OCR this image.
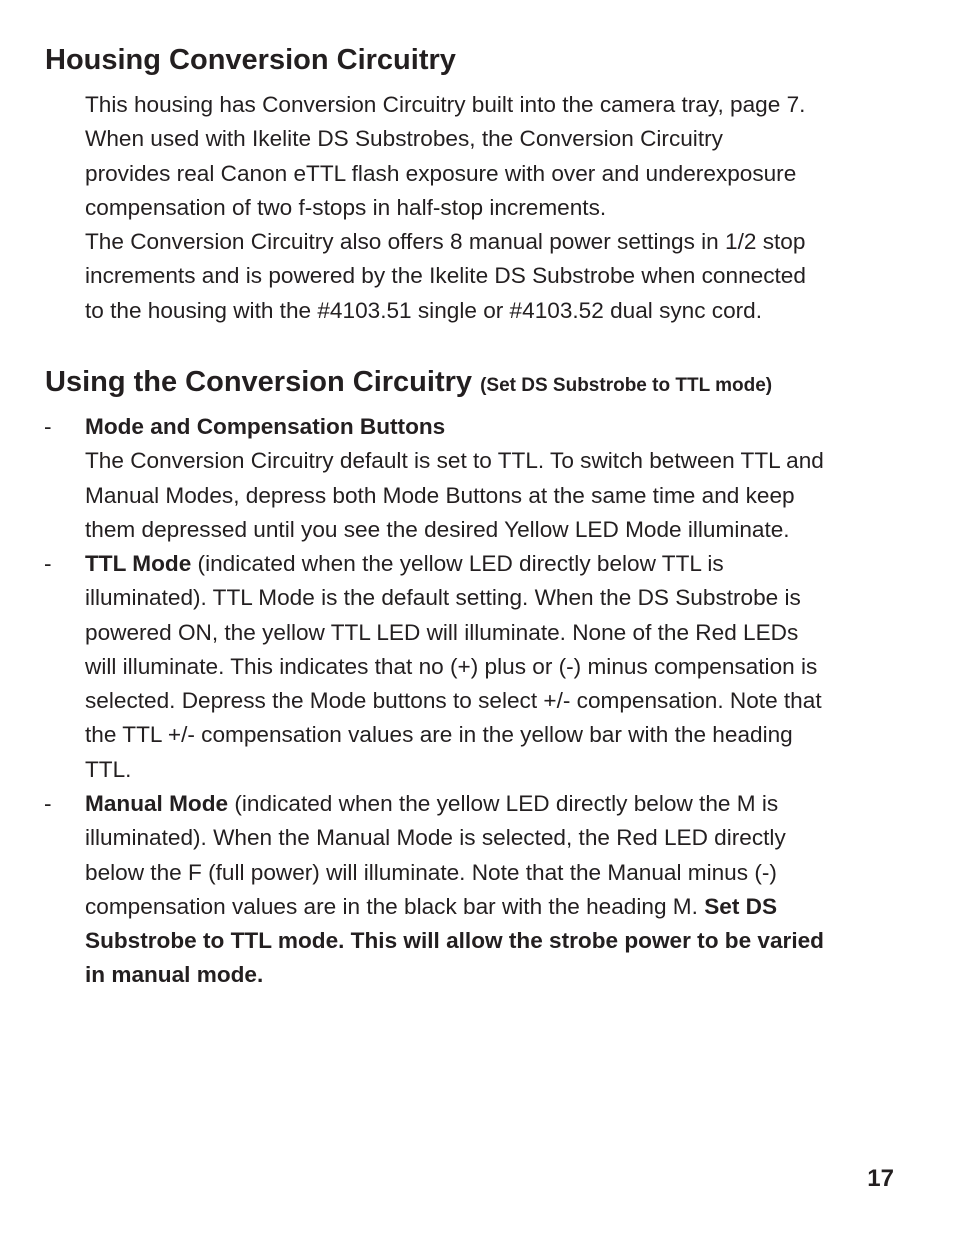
Housing Conversion Circuitry
This housing has Conversion Circuitry built into the camera tray, page 7.
When used with Ikelite DS Substrobes, the Conversion Circuitry
provides real Canon eTTL flash exposure with over and underexposure
compensation of two f-stops in half-stop increments.
The Conversion Circuitry also offers 8 manual power settings in 1/2 stop
increments and is powered by the Ikelite DS Substrobe when connected
to the housing with the #4103.51 single or #4103.52 dual sync cord.
Using the Conversion Circuitry (Set DS Substrobe to TTL mode)
-	Mode and Compensation Buttons
The Conversion Circuitry default is set to TTL. To switch between TTL and
Manual Modes, depress both Mode Buttons at the same time and keep
them depressed until you see the desired Yellow LED Mode illuminate.
-	TTL Mode (indicated when the yellow LED directly below TTL is
illuminated). TTL Mode is the default setting. When the DS Substrobe is
powered ON, the yellow TTL LED will illuminate. None of the Red LEDs
will illuminate. This indicates that no (+) plus or (-) minus compensation is
selected. Depress the Mode buttons to select +/- compensation. Note that
the TTL +/- compensation values are in the yellow bar with the heading
TTL.
-	Manual Mode (indicated when the yellow LED directly below the M is
illuminated). When the Manual Mode is selected, the Red LED directly
below the F (full power) will illuminate. Note that the Manual minus (-)
compensation values are in the black bar with the heading M. Set DS
Substrobe to TTL mode. This will allow the strobe power to be varied
in manual mode.
17
